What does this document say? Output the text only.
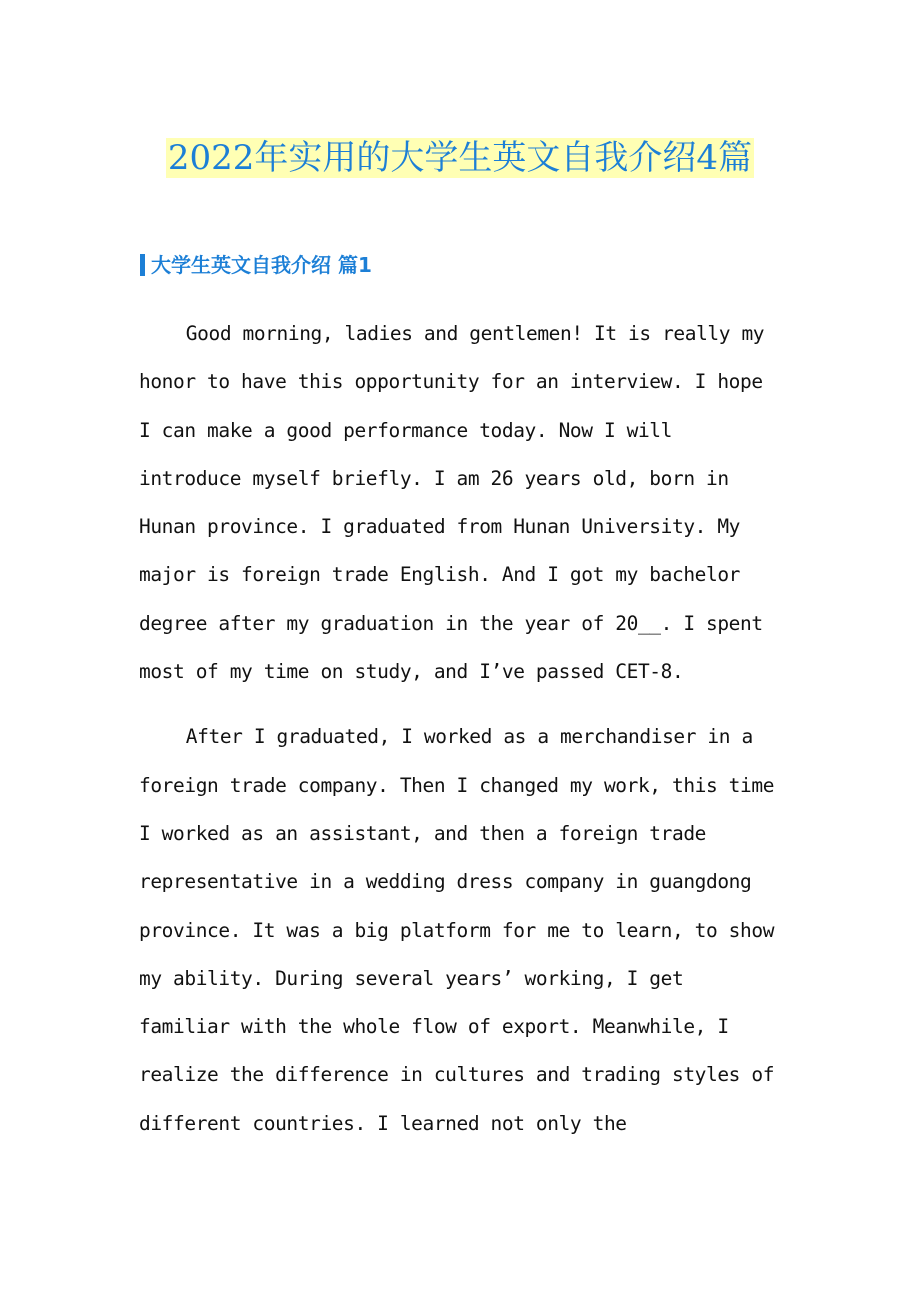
2022年实用的大学生英文自我介绍4篇
大学生英文自我介绍 篇1

Good morning, ladies and gentlemen! It is really my honor to have this opportunity for an interview. I hope I can make a good performance today. Now I will introduce myself briefly. I am 26 years old, born in Hunan province. I graduated from Hunan University. My major is foreign trade English. And I got my bachelor degree after my graduation in the year of 20__. I spent most of my time on study, and I’ve passed CET-8.

After I graduated, I worked as a merchandiser in a foreign trade company. Then I changed my work, this time I worked as an assistant, and then a foreign trade representative in a wedding dress company in guangdong province. It was a big platform for me to learn, to show my ability. During several years’ working, I get familiar with the whole flow of export. Meanwhile, I realize the difference in cultures and trading styles of different countries. I learned not only the
